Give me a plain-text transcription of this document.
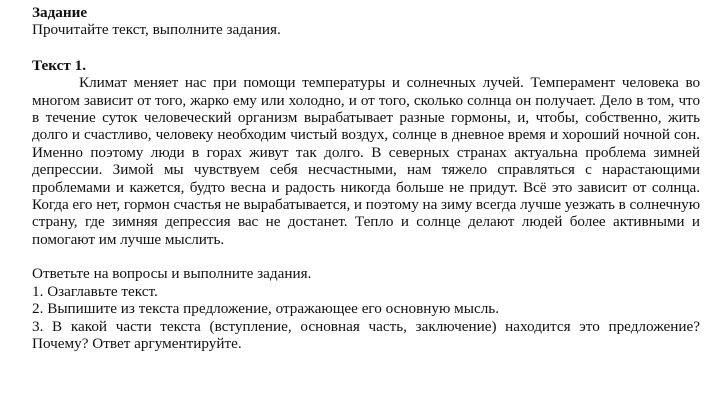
Задание
Прочитайте текст, выполните задания.
Текст 1.
Климат меняет нас при помощи температуры и солнечных лучей. Темперамент человека во многом зависит от того, жарко ему или холодно, и от того, сколько солнца он получает. Дело в том, что в течение суток человеческий организм вырабатывает разные гормоны, и, чтобы, собственно, жить долго и счастливо, человеку необходим чистый воздух, солнце в дневное время и хороший ночной сон. Именно поэтому люди в горах живут так долго. В северных странах актуальна проблема зимней депрессии. Зимой мы чувствуем себя несчастными, нам тяжело справляться с нарастающими проблемами и кажется, будто весна и радость никогда больше не придут. Всё это зависит от солнца. Когда его нет, гормон счастья не вырабатывается, и поэтому на зиму всегда лучше уезжать в солнечную страну, где зимняя депрессия вас не достанет. Тепло и солнце делают людей более активными и помогают им лучше мыслить.
Ответьте на вопросы и выполните задания.
1. Озаглавьте текст.
2. Выпишите из текста предложение, отражающее его основную мысль.
3. В какой части текста (вступление, основная часть, заключение) находится это предложение? Почему? Ответ аргументируйте.
